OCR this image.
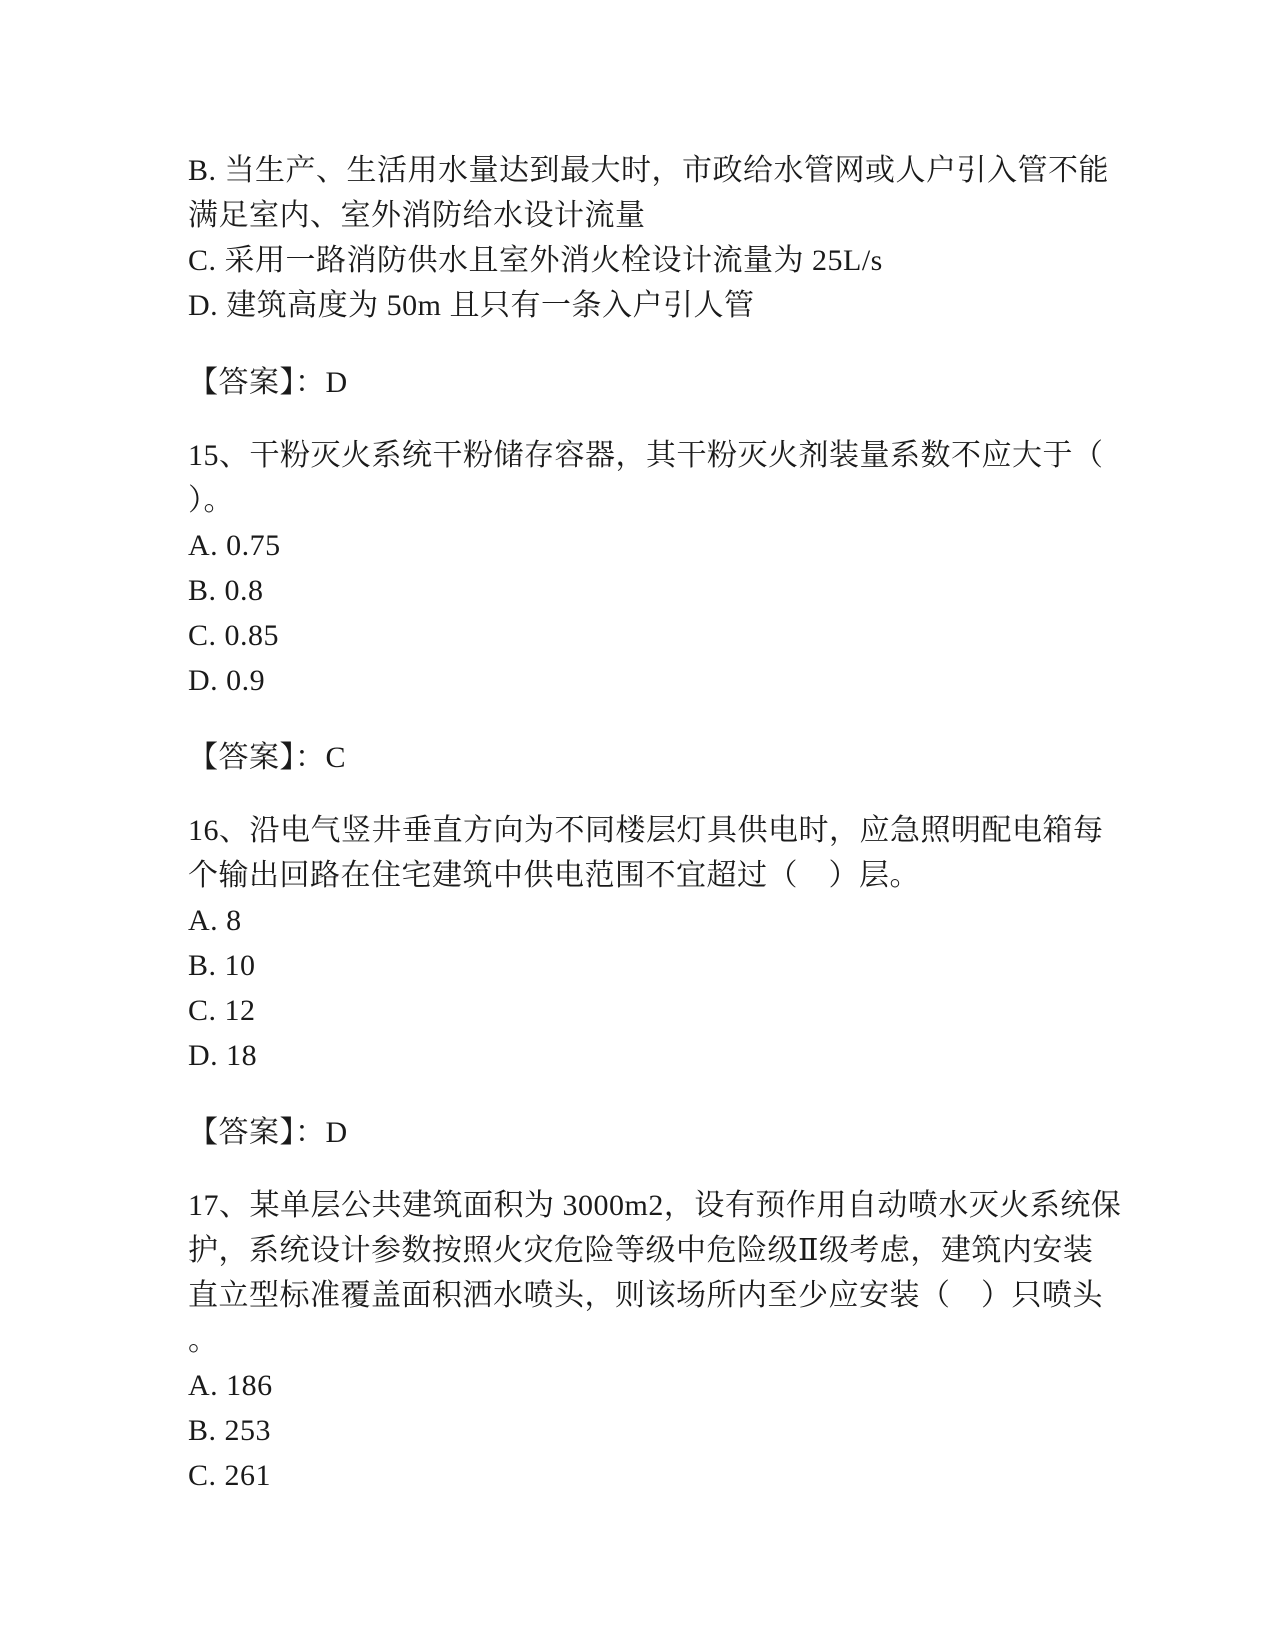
B. 当生产、生活用水量达到最大时，市政给水管网或人户引入管不能

满足室内、室外消防给水设计流量

C. 采用一路消防供水且室外消火栓设计流量为 25L/s

D. 建筑高度为 50m 且只有一条入户引人管

【答案】：D

15、干粉灭火系统干粉储存容器，其干粉灭火剂装量系数不应大于（

）。

A. 0.75

B. 0.8

C. 0.85

D. 0.9

【答案】：C

16、沿电气竖井垂直方向为不同楼层灯具供电时，应急照明配电箱每

个输出回路在住宅建筑中供电范围不宜超过（　）层。

A. 8

B. 10

C. 12

D. 18

【答案】：D

17、某单层公共建筑面积为 3000m2，设有预作用自动喷水灭火系统保

护，系统设计参数按照火灾危险等级中危险级Ⅱ级考虑，建筑内安装

直立型标准覆盖面积洒水喷头，则该场所内至少应安装（　）只喷头

。

A. 186

B. 253

C. 261
